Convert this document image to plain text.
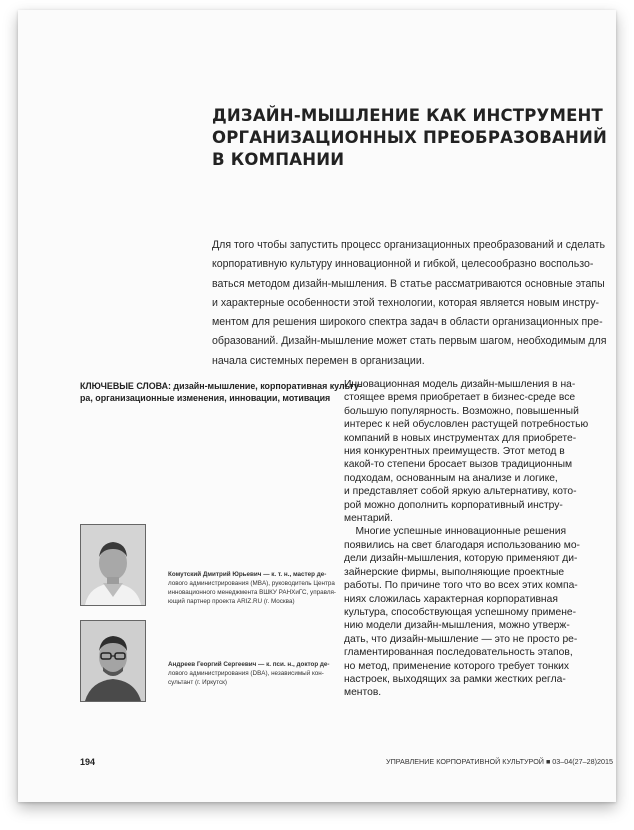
ДИЗАЙН-МЫШЛЕНИЕ КАК ИНСТРУМЕНТ
ОРГАНИЗАЦИОННЫХ ПРЕОБРАЗОВАНИЙ
В КОМПАНИИ
Для того чтобы запустить процесс организационных преобразований и сделать
корпоративную культуру инновационной и гибкой, целесообразно воспользо-
ваться методом дизайн-мышления. В статье рассматриваются основные этапы
и характерные особенности этой технологии, которая является новым инстру-
ментом для решения широкого спектра задач в области организационных пре-
образований. Дизайн-мышление может стать первым шагом, необходимым для
начала системных перемен в организации.
КЛЮЧЕВЫЕ СЛОВА: дизайн-мышление, корпоративная культу-
ра, организационные изменения, инновации, мотивация
Инновационная модель дизайн-мышления в на-
стоящее время приобретает в бизнес-среде все
большую популярность. Возможно, повышенный
интерес к ней обусловлен растущей потребностью
компаний в новых инструментах для приобрете-
ния конкурентных преимуществ. Этот метод в
какой-то степени бросает вызов традиционным
подходам, основанным на анализе и логике,
и представляет собой яркую альтернативу, кото-
рой можно дополнить корпоративный инстру-
ментарий.
Многие успешные инновационные решения
появились на свет благодаря использованию мо-
дели дизайн-мышления, которую применяют ди-
зайнерские фирмы, выполняющие проектные
работы. По причине того что во всех этих компа-
ниях сложилась характерная корпоративная
культура, способствующая успешному примене-
нию модели дизайн-мышления, можно утверж-
дать, что дизайн-мышление — это не просто ре-
гламентированная последовательность этапов,
но метод, применение которого требует тонких
настроек, выходящих за рамки жестких регла-
ментов.
Комутский Дмитрий Юрьевич — к. т. н., мастер де-
лового администрирования (MBA), руководитель Центра
инновационного менеджмента ВШКУ РАНХиГС, управля-
ющий партнер проекта ARIZ.RU (г. Москва)
Андреев Георгий Сергеевич — к. пси. н., доктор де-
лового администрирования (DBA), независимый кон-
сультант (г. Иркутск)
194	УПРАВЛЕНИЕ КОРПОРАТИВНОЙ КУЛЬТУРОЙ ■ 03–04(27–28)2015
